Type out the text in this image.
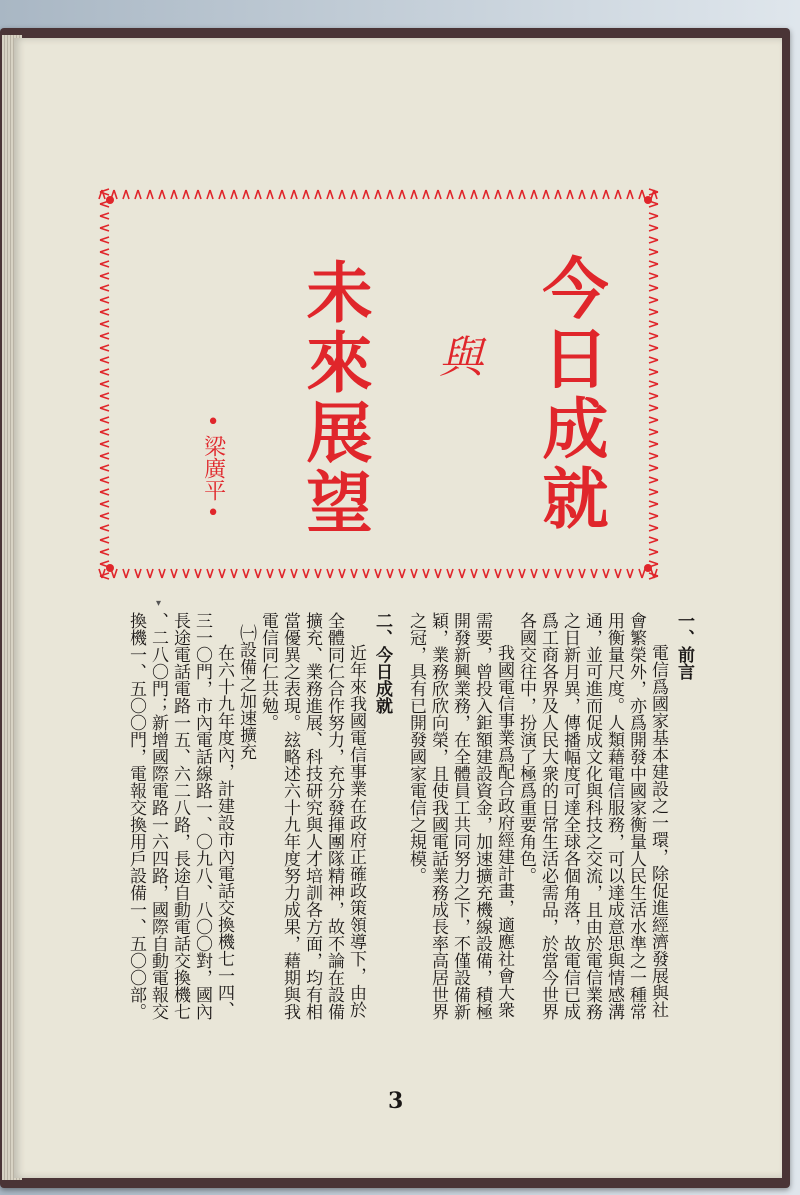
今日成就
與
未來展望
•梁廣平•
▾
一、前言
電信爲國家基本建設之一環，除促進經濟發展與社
會繁榮外，亦爲開發中國家衡量人民生活水準之一種常
用衡量尺度。人類藉電信服務，可以達成意思與情感溝
通，並可進而促成文化與科技之交流，且由於電信業務
之日新月異，傳播幅度可達全球各個角落，故電信已成
爲工商各界及人民大衆的日常生活必需品，於當今世界
各國交往中，扮演了極爲重要角色。
我國電信事業爲配合政府經建計畫，適應社會大衆
需要，曾投入鉅額建設資金，加速擴充機線設備，積極
開發新興業務，在全體員工共同努力之下，不僅設備新
穎，業務欣欣向榮，且使我國電話業務成長率高居世界
之冠，具有已開發國家電信之規模。
二、今日成就
近年來我國電信事業在政府正確政策領導下，由於
全體同仁合作努力，充分發揮團隊精神，故不論在設備
擴充、業務進展、科技研究與人才培訓各方面，均有相
當優異之表現。玆略述六十九年度努力成果，藉期與我
電信同仁共勉。
㈠設備之加速擴充
在六十九年度內，計建設市內電話交換機七一四、
三一〇門，市內電話線路一、〇九八、八〇〇對，國內
長途電話電路一五、六二八路，長途自動電話交換機七
、二八〇門；新增國際電路一六四路，國際自動電報交
換機一、五〇〇門，電報交換用戶設備一、五〇〇部。
3
